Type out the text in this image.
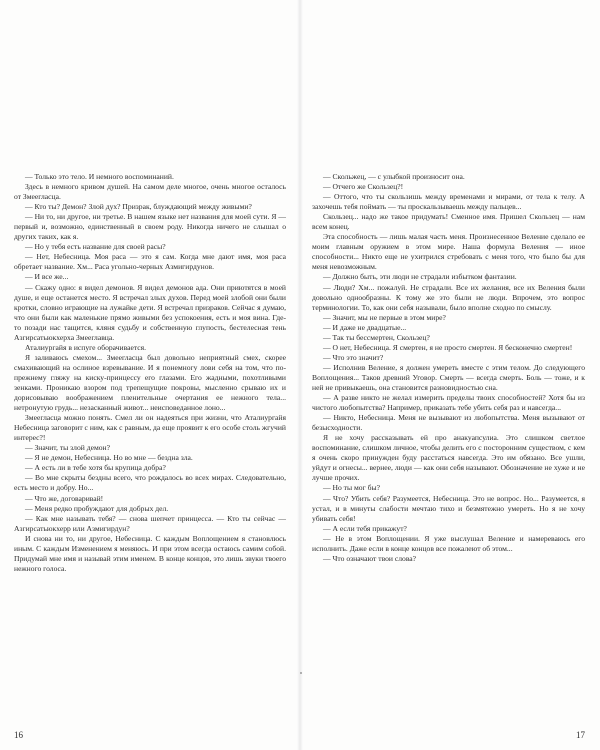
— Только это тело. И немного воспоминаний.

Здесь в немного кривом душей. На самом деле многое, очень многое осталось от Змеегласца.

— Кто ты? Демон? Злой дух? Призрак, блуждающий между живыми?

— Ни то, ни другое, ни третье. В нашем языке нет названия для моей сути. Я — первый и, возможно, единственный в своем роду. Никогда ничего не слышал о других таких, как я.

— Но у тебя есть название для своей расы?

— Нет, Небесница. Моя раса — это я сам. Когда мне дают имя, моя раса обретает название. Хм... Раса угольно-черных Азмигирдунов.

— И все же...

— Скажу одно: я видел демонов. Я видел демонов ада. Они приютятся в моей душе, и еще останется место. Я встречал злых духов. Перед моей злобой они были кротки, словно играющие на лужайке дети. Я встречал призраков. Сейчас я думаю, что они были как маленькие прямо живыми без успокоения, есть и моя вина. Где-то позади нас тащится, кляня судьбу и собственную глупость, бестелесная тень Азгирсатьюкхерха Змееглавца.

Аталиургайя в испуге оборачивается.

Я заливаюсь смехом... Змеегласца был довольно неприятный смех, скорее смахивающий на ослиное взревывание. И я понемногу лови себя на том, что по-прежнему гляжу на киску-принцессу его глазами. Его жадными, похотливыми зенками. Проникаю взором под трепещущие покровы, мысленно срываю их и дорисовываю воображением пленительные очертания ее нежного тела... нетронутую грудь... незасканный живот... неисповеданное лоно...

Змеегласца можно понять. Смел ли он надеяться при жизни, что Аталиургайя Небесница заговорит с ним, как с равным, да еще проявит к его особе столь жгучий интерес?!

— Значит, ты злой демон?

— Я не демон, Небесница. Но во мне — бездна зла.

— А есть ли в тебе хотя бы крупица добра?

— Во мне скрыты бездны всего, что рождалось во всех мирах. Следовательно, есть место и добру. Но...

— Что же, договаривай!

— Меня редко пробуждают для добрых дел.

— Как мне называть тебя? — снова шепчет принцесса. — Кто ты сейчас — Азгирсатьюкхерр или Азмигирдун?

И снова ни то, ни другое, Небесница. С каждым Воплощением я становлюсь иным. С каждым Изменением я меняюсь. И при этом всегда остаюсь самим собой. Придумай мне имя и называй этим именем. В конце концов, это лишь звуки твоего нежного голоса.

16

— Скольжец, — с улыбкой произносит она.

— Отчего же Скользец?!

— Оттого, что ты скользишь между временами и мирами, от тела к телу. А захочешь тебя поймать — ты проскальзываешь между пальцев...

Скользец... надо же такое придумать! Сменное имя. Пришел Скользец — нам всем конец.

Эта способность — лишь малая часть меня. Произнесенное Веление сделало ее моим главным оружием в этом мире. Наша формула Веления — иное способности... Никто еще не ухитрился стребовать с меня того, что было бы для меня невозможным.

— Должно быть, эти люди не страдали избытком фантазии.

— Люди? Хм... пожалуй. Не страдали. Все их желания, все их Веления были довольно однообразны. К тому же это были не люди. Впрочем, это вопрос терминологии. То, как они себя называли, было вполне сходно по смыслу.

— Значит, мы не первые в этом мире?

— И даже не двадцатые...

— Так ты бессмертен, Скользец?

— О нет, Небесница. Я смертен, я не просто смертен. Я бесконечно смертен!

— Что это значит?

— Исполнив Веление, я должен умереть вместе с этим телом. До следующего Воплощения... Таков древний Уговор. Смерть — всегда смерть. Боль — тоже, и к ней не привыкаешь, она становится разновидностью сна.

— А разве никто не желал измерить пределы твоих способностей? Хотя бы из чистого любопытства? Например, приказать тебе убить себя раз и навсегда...

— Никто, Небесница. Меня не вызывают из любопытства. Меня вызывают от безысходности.

Я не хочу рассказывать ей про анакуапсулиа. Это слишком светлое воспоминание, слишком личное, чтобы делить его с посторонним существом, с кем я очень скоро принужден буду расстаться навсегда. Это им обязано. Все ушли, уйдут и огнесы... вернее, люди — как они себя называют. Обозначение не хуже и не лучше прочих.

— Но ты мог бы?

— Что? Убить себя? Разумеется, Небесница. Это не вопрос. Но... Разумеется, я устал, и в минуты слабости мечтаю тихо и безмятежно умереть. Но я не хочу убивать себя!

— А если тебя прикажут?

— Не в этом Воплощении. Я уже выслушал Веление и намереваюсь его исполнить. Даже если в конце концов все пожалеют об этом...

— Что означают твои слова?

17
